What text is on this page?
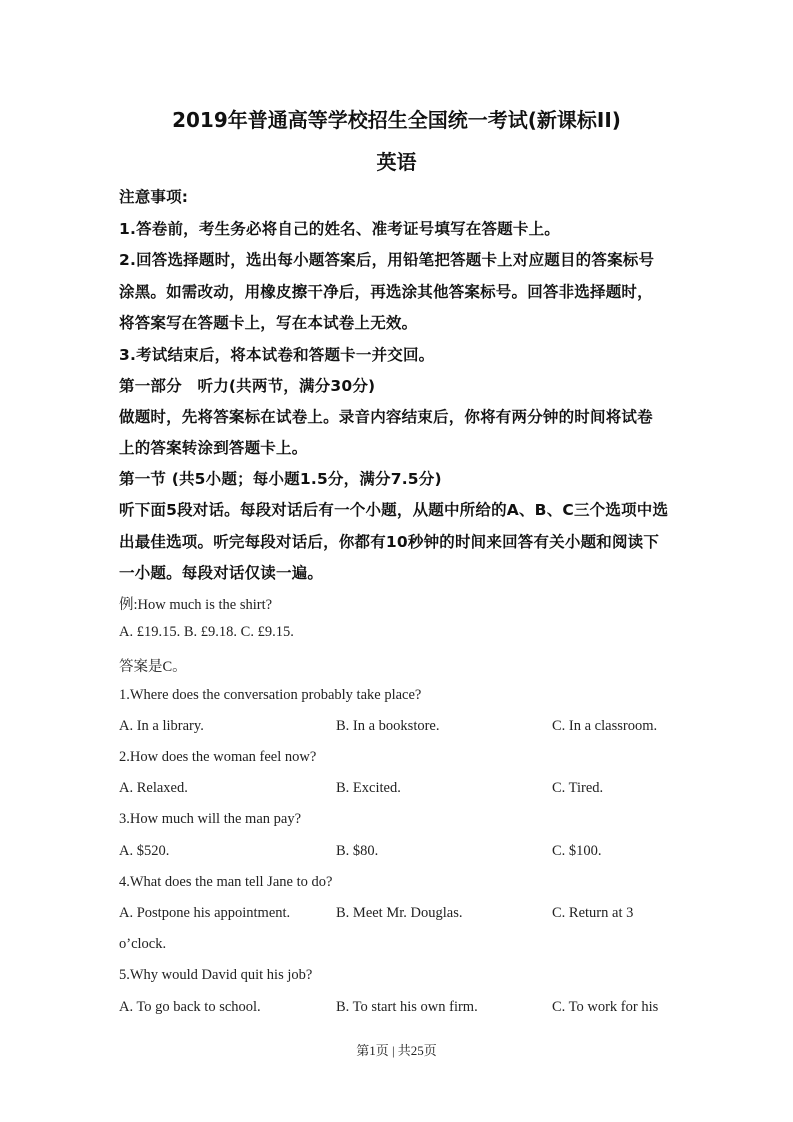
2019年普通高等学校招生全国统一考试(新课标II)
英语
注意事项:
1.答卷前，考生务必将自己的姓名、准考证号填写在答题卡上。
2.回答选择题时，选出每小题答案后，用铅笔把答题卡上对应题目的答案标号
涂黑。如需改动，用橡皮擦干净后，再选涂其他答案标号。回答非选择题时，
将答案写在答题卡上，写在本试卷上无效。
3.考试结束后，将本试卷和答题卡一并交回。
第一部分　听力(共两节，满分30分)
做题时，先将答案标在试卷上。录音内容结束后，你将有两分钟的时间将试卷
上的答案转涂到答题卡上。
第一节 (共5小题；每小题1.5分，满分7.5分)
听下面5段对话。每段对话后有一个小题，从题中所给的A、B、C三个选项中选
出最佳选项。听完每段对话后，你都有10秒钟的时间来回答有关小题和阅读下
一小题。每段对话仅读一遍。
例:How much is the shirt?
A. £19.15. B. £9.18. C. £9.15.
答案是C。
1.Where does the conversation probably take place?
A. In a library.	B. In a bookstore.	C. In a classroom.
2.How does the woman feel now?
A. Relaxed.	B. Excited.	C. Tired.
3.How much will the man pay?
A. $520.	B. $80.	C. $100.
4.What does the man tell Jane to do?
A. Postpone his appointment.	B. Meet Mr. Douglas.	C. Return at 3
o’clock.
5.Why would David quit his job?
A. To go back to school.	B. To start his own firm.	C. To work for his
第1页 | 共25页
